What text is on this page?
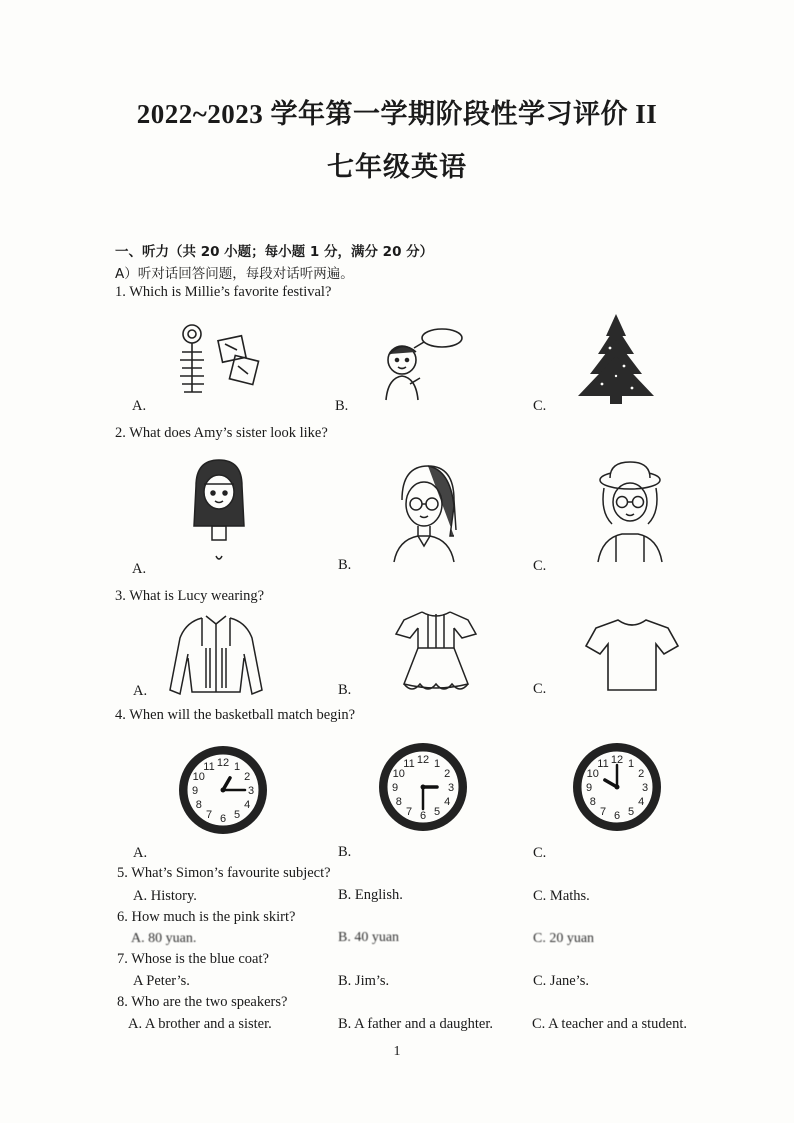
2022~2023 学年第一学期阶段性学习评价 II
七年级英语
一、听力（共 20 小题；每小题 1 分，满分 20 分）
A）听对话回答问题，每段对话听两遍。
1. Which is Millie’s favorite festival?
A.	B.	C.
2. What does Amy’s sister look like?
A.	B.	C.
3. What is Lucy wearing?
A.	B.	C.
4. When will the basketball match begin?
1
2
3
4
5
6
7
8
9
10
11 12	1
2
3
4
5
6
7
8
9
10
11 12	1
2
3
4
5
6
7
8
9
10
11 12
A.	B.	C.
5. What’s Simon’s favourite subject?
A. History.	B. English.	C. Maths.
6. How much is the pink skirt?
A. 80 yuan.	B. 40 yuan	C. 20 yuan
7. Whose is the blue coat?
A Peter’s.	B. Jim’s.	C. Jane’s.
8. Who are the two speakers?
A. A brother and a sister.	B. A father and a daughter.	C. A teacher and a student.
1
